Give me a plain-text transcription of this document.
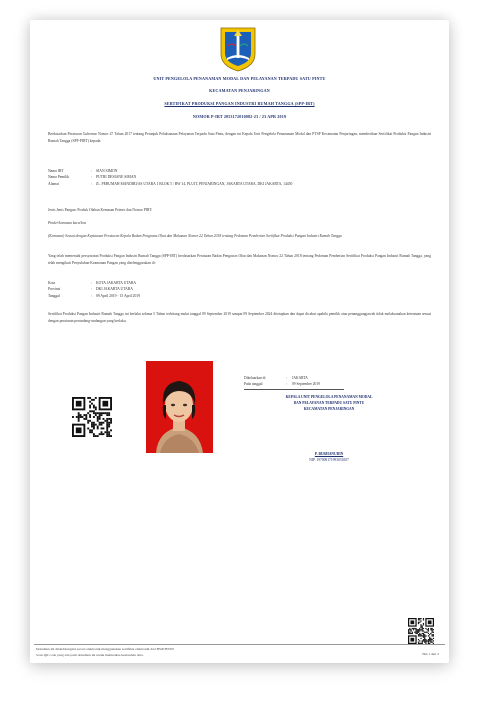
UNIT PENGELOLA PENANAMAN MODAL DAN PELAYANAN TERPADU SATU PINTU
KECAMATAN PENJARINGAN
SERTIFIKAT PRODUKSI PANGAN INDUSTRI RUMAH TANGGA (SPP-IRT)
NOMOR P-IRT 2053172010082-23 / 23 APR 2019
Berdasarkan Peraturan Gubernur Nomor 47 Tahun 2017 tentang Petunjuk Pelaksanaan Pelayanan Terpadu Satu Pintu, dengan ini Kepala Unit Pengelola Penanaman Modal dan PTSP Kecamatan Penjaringan, memberikan Sertifikat Produksi Pangan Industri Rumah Tangga (SPP-PIRT) kepada:
Nama IRT	: SIAN SIMON
Nama Pemilik	: PUTRI DESIANE SIMAN
Alamat	: JL. PERUMAH MANDIRI/AS UTARA 1 BLOK 5 / RW 14, PLUIT, PENJARINGAN, JAKARTA UTARA, DKI JAKARTA, 14450
Jenis Jenis Pangan: Produk Olahan Kemasan Primer dan Nomor PIRT:
Pinder/kemasan kaca/box
(Kemasan) Sesuai dengan Keputusan Peraturan Kepala Badan Pengawas Obat dan Makanan Nomor 22 Tahun 2018 tentang Pedoman Pemberian Sertifikat Produksi Pangan Industri Rumah Tangga
Yang telah memenuhi persyaratan Produksi Pangan Industri Rumah Tangga (SPP-IRT) berdasarkan Peraturan Badan Pengawas Obat dan Makanan Nomor 22 Tahun 2018 tentang Pedoman Pemberian Sertifikat Produksi Pangan Industri Rumah Tangga, yang telah mengikuti Penyuluhan Keamanan Pangan yang diselenggarakan di:
Kota	: KOTA JAKARTA UTARA
Provinsi	: DKI JAKARTA UTARA
Tanggal	: 09 April 2019 - 15 April 2019
Sertifikat Produksi Pangan Industri Rumah Tangga ini berlaku selama 5 Tahun terhitung mulai tanggal 09 September 2019 sampai 09 September 2024 ditetapkan dan dapat dicabut apabila pemilik atau penanggungjawab tidak melaksanakan ketentuan sesuai dengan peraturan perundang-undangan yang berlaku.
Dikeluarkan di	: JAKARTA
Pada tanggal	: 09 September 2019
KEPALA UNIT PENGELOLA PENANAMAN MODAL
DAN PELAYANAN TERPADU SATU PINTU
KECAMATAN PENJARINGAN
P. BURHANUDIN
NIP. 197008171993031007
Dokumen ini ditandatangani secara elektronik menggunakan sertifikat elektronik dari BSrE/BSSN
Scan QR code yang ada pada dokumen ini untuk memeriksa keabsahan data.	Hal 1 dari 2
